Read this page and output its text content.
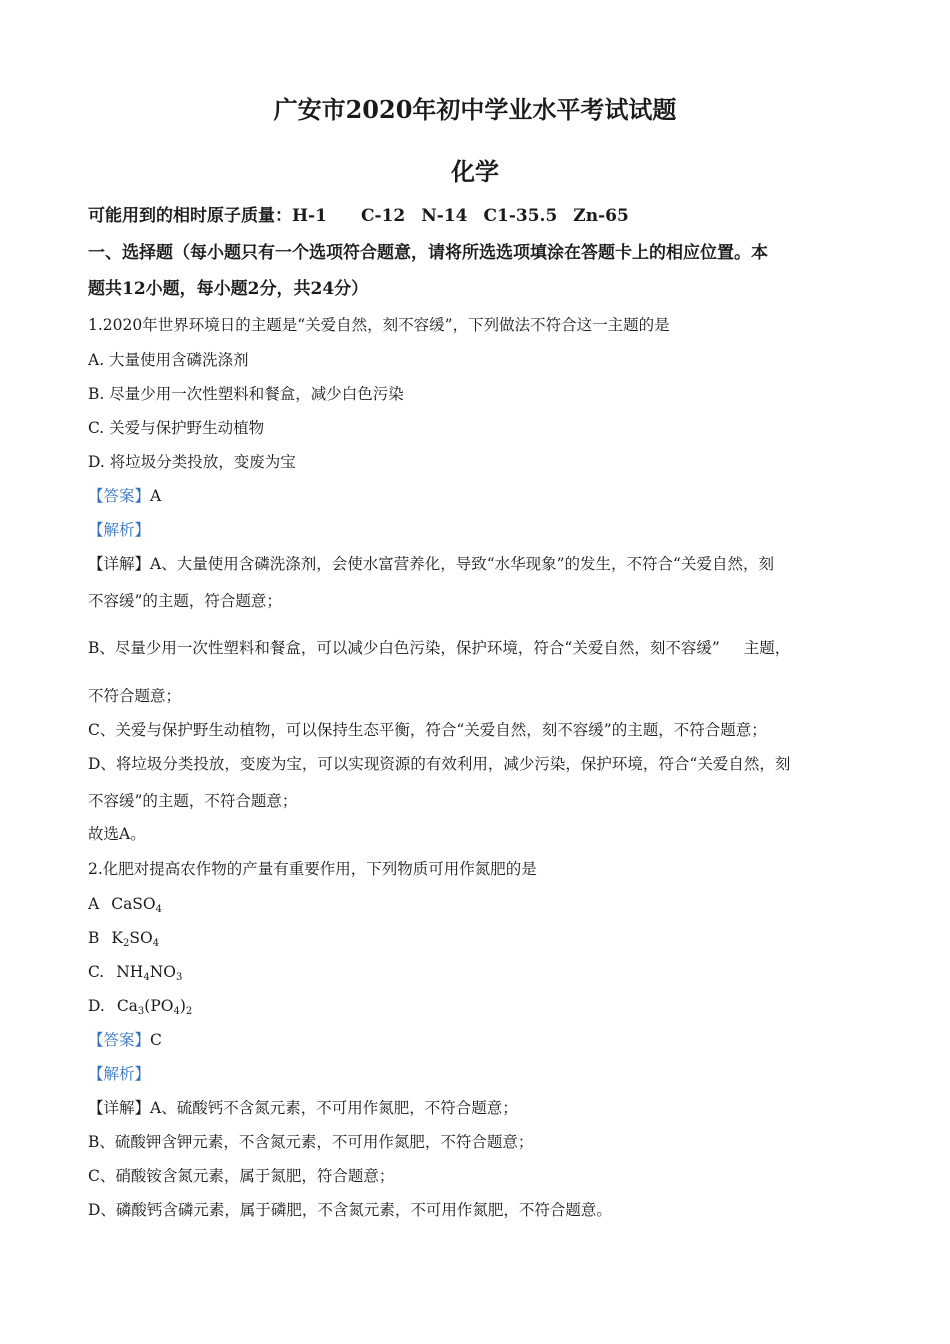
广安市2020年初中学业水平考试试题
化学
可能用到的相时原子质量：H-1 C-12 N-14 C1-35.5 Zn-65
一、选择题（每小题只有一个选项符合题意，请将所选选项填涂在答题卡上的相应位置。本
题共12小题，每小题2分，共24分）
1.2020年世界环境日的主题是“关爱自然，刻不容缓”，下列做法不符合这一主题的是
A. 大量使用含磷洗涤剂
B. 尽量少用一次性塑料和餐盒，减少白色污染
C. 关爱与保护野生动植物
D. 将垃圾分类投放，变废为宝
【答案】A
【解析】
【详解】A、大量使用含磷洗涤剂，会使水富营养化，导致“水华现象”的发生，不符合“关爱自然，刻
不容缓”的主题，符合题意；
B、尽量少用一次性塑料和餐盒，可以减少白色污染，保护环境，符合“关爱自然，刻不容缓” 主题，
不符合题意；
C、关爱与保护野生动植物，可以保持生态平衡，符合“关爱自然，刻不容缓”的主题，不符合题意；
D、将垃圾分类投放，变废为宝，可以实现资源的有效利用，减少污染，保护环境，符合“关爱自然，刻
不容缓”的主题，不符合题意；
故选A。
2.化肥对提高农作物的产量有重要作用，下列物质可用作氮肥的是
A CaSO$_4$
B $K_2SO_4$
C. $NH_4NO_3$
D. $Ca_3(PO_4)_2$
【答案】C
【解析】
【详解】A、硫酸钙不含氮元素，不可用作氮肥，不符合题意；
B、硫酸钾含钾元素，不含氮元素，不可用作氮肥，不符合题意；
C、硝酸铵含氮元素，属于氮肥，符合题意；
D、磷酸钙含磷元素，属于磷肥，不含氮元素，不可用作氮肥，不符合题意。
